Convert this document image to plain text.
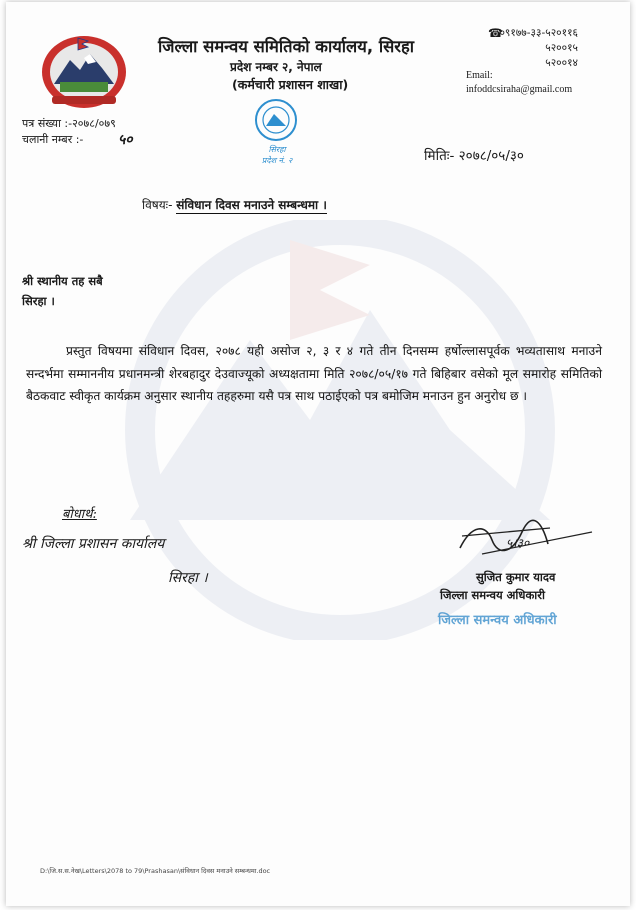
जिल्ला समन्वय समितिको कार्यालय, सिरहा
प्रदेश नम्बर २, नेपाल
(कर्मचारी प्रशासन शाखा)
☎
०९१७७-३३-५२०११६
५२००१५
५२००१४
Email:
infoddcsiraha@gmail.com
सिरहा
प्रदेश नं. २
पत्र संख्या :-२०७८/०७९
चलानी नम्बर :- ५०
मितिः- २०७८/०५/३०
विषयः- संविधान दिवस मनाउने सम्बन्धमा ।
श्री स्थानीय तह सबै
सिरहा ।
प्रस्तुत विषयमा संविधान दिवस, २०७८ यही असोज २, ३ र ४ गते तीन दिनसम्म हर्षोल्लासपूर्वक भव्यतासाथ मनाउने सन्दर्भमा सम्माननीय प्रधानमन्त्री शेरबहादुर देउवाज्यूको अध्यक्षतामा मिति २०७८/०५/१७ गते बिहिबार वसेको मूल समारोह समितिको बैठकवाट स्वीकृत कार्यक्रम अनुसार स्थानीय तहहरुमा यसै पत्र साथ पठाईएको पत्र बमोजिम मनाउन हुन अनुरोध छ ।
बोधार्थ:
श्री जिल्ला प्रशासन कार्यालय
सिरहा ।
५।३०
सुजित कुमार यादव
जिल्ला समन्वय अधिकारी
जिल्ला समन्वय अधिकारी
D:\जि.स.स.नेख\Letters\2078 to 79\Prashasan\संविधान दिवस मनाउने सम्बन्धमा.doc
